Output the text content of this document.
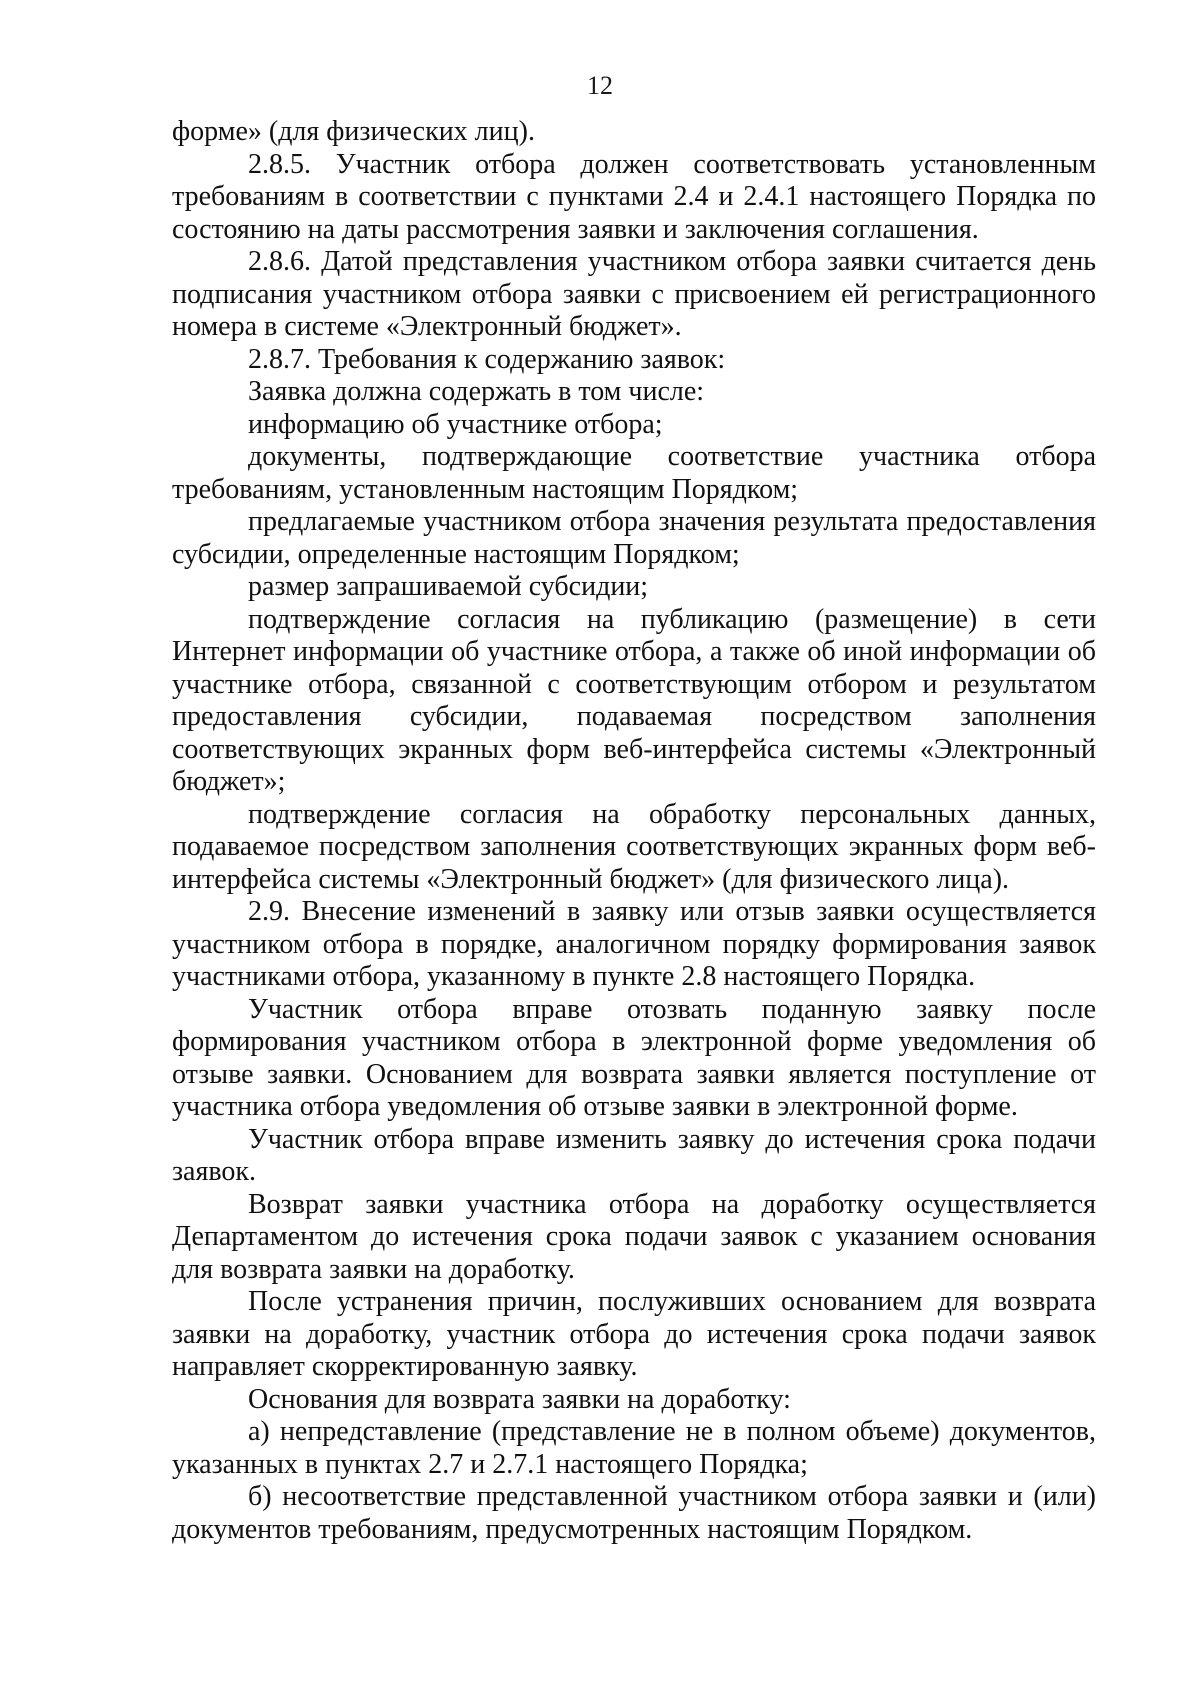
12

форме» (для физических лиц).

2.8.5. Участник отбора должен соответствовать установленным требованиям в соответствии с пунктами 2.4 и 2.4.1 настоящего Порядка по состоянию на даты рассмотрения заявки и заключения соглашения.

2.8.6. Датой представления участником отбора заявки считается день подписания участником отбора заявки с присвоением ей регистрационного номера в системе «Электронный бюджет».

2.8.7. Требования к содержанию заявок:

Заявка должна содержать в том числе:

информацию об участнике отбора;

документы, подтверждающие соответствие участника отбора требованиям, установленным настоящим Порядком;

предлагаемые участником отбора значения результата предоставления субсидии, определенные настоящим Порядком;

размер запрашиваемой субсидии;

подтверждение согласия на публикацию (размещение) в сети Интернет информации об участнике отбора, а также об иной информации об участнике отбора, связанной с соответствующим отбором и результатом предоставления субсидии, подаваемая посредством заполнения соответствующих экранных форм веб-интерфейса системы «Электронный бюджет»;

подтверждение согласия на обработку персональных данных, подаваемое посредством заполнения соответствующих экранных форм веб-интерфейса системы «Электронный бюджет» (для физического лица).

2.9. Внесение изменений в заявку или отзыв заявки осуществляется участником отбора в порядке, аналогичном порядку формирования заявок участниками отбора, указанному в пункте 2.8 настоящего Порядка.

Участник отбора вправе отозвать поданную заявку после формирования участником отбора в электронной форме уведомления об отзыве заявки. Основанием для возврата заявки является поступление от участника отбора уведомления об отзыве заявки в электронной форме.

Участник отбора вправе изменить заявку до истечения срока подачи заявок.

Возврат заявки участника отбора на доработку осуществляется Департаментом до истечения срока подачи заявок с указанием основания для возврата заявки на доработку.

После устранения причин, послуживших основанием для возврата заявки на доработку, участник отбора до истечения срока подачи заявок направляет скорректированную заявку.

Основания для возврата заявки на доработку:

а) непредставление (представление не в полном объеме) документов, указанных в пунктах 2.7 и 2.7.1 настоящего Порядка;

б) несоответствие представленной участником отбора заявки и (или) документов требованиям, предусмотренных настоящим Порядком.
